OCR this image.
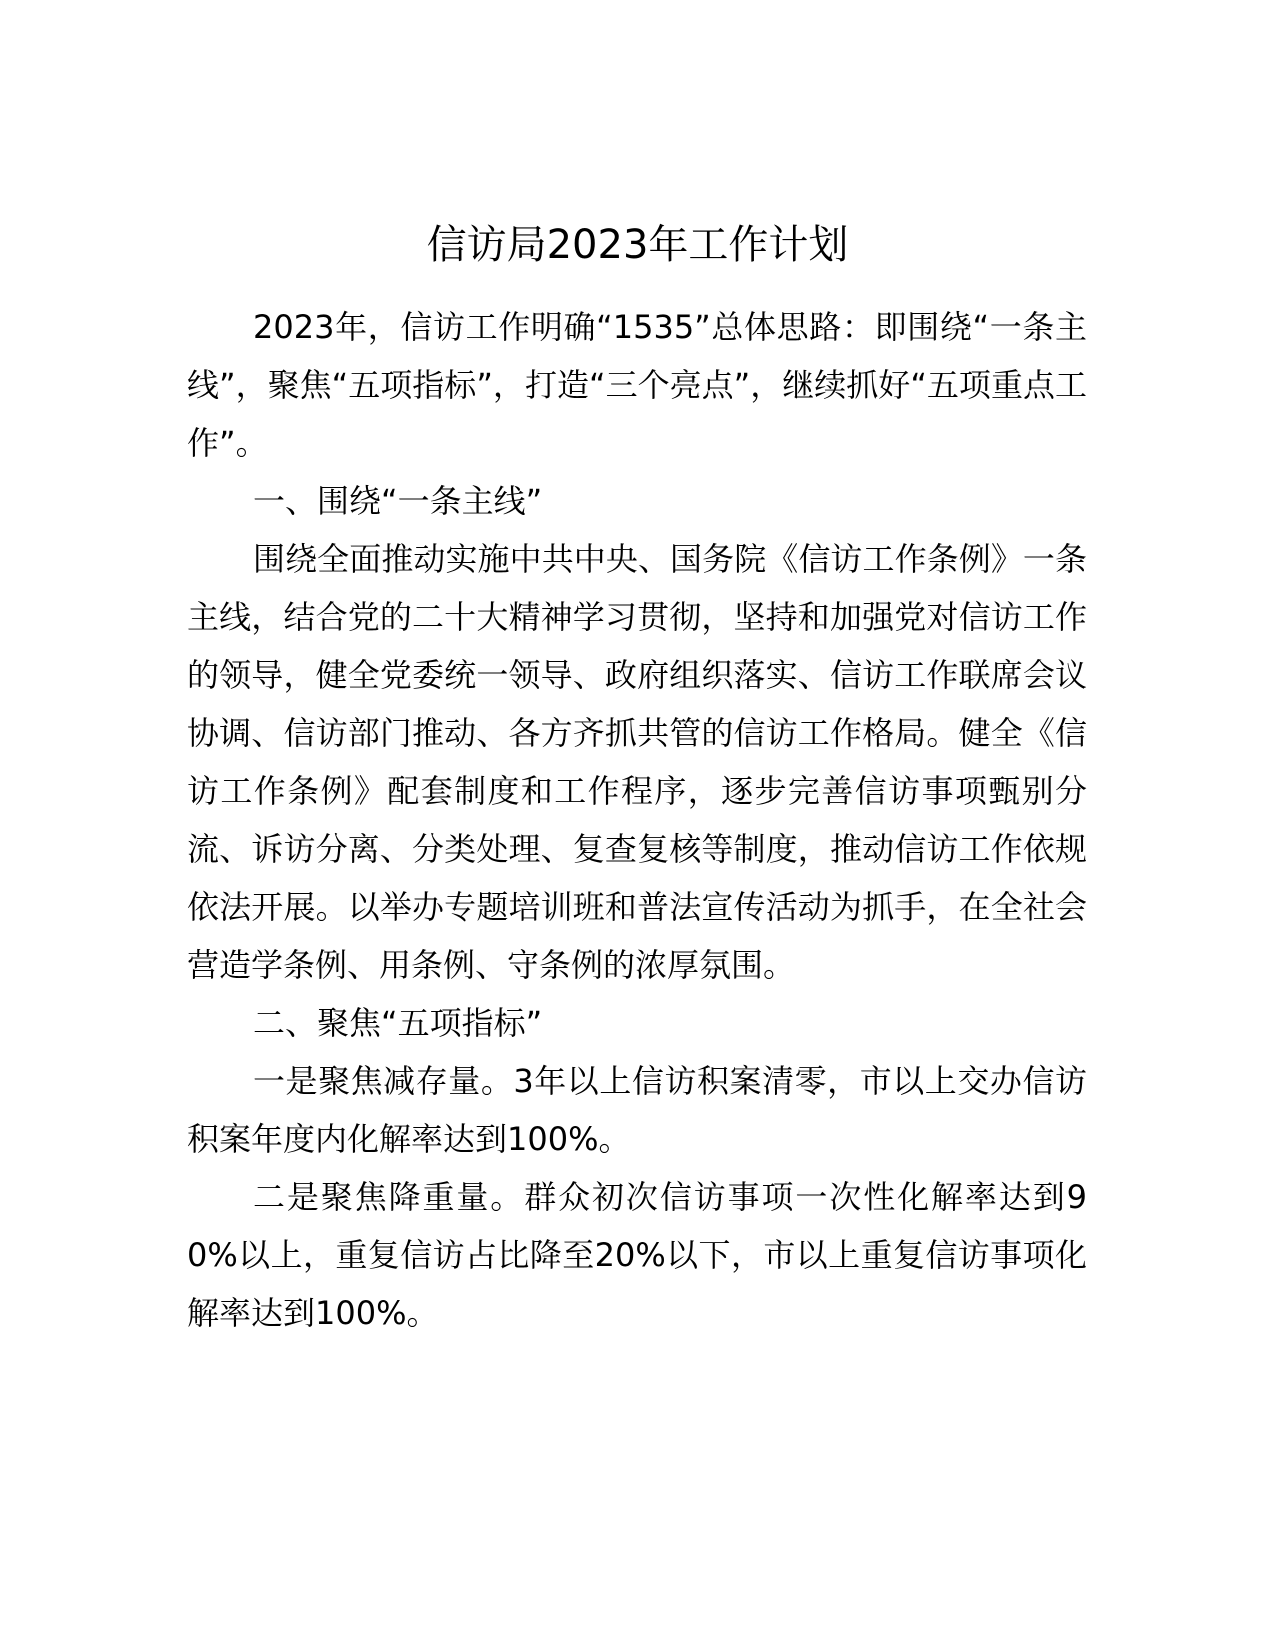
信访局2023年工作计划

2023年，信访工作明确“1535”总体思路：即围绕“一条主线”，聚焦“五项指标”，打造“三个亮点”，继续抓好“五项重点工作”。

一、围绕“一条主线”

围绕全面推动实施中共中央、国务院《信访工作条例》一条主线，结合党的二十大精神学习贯彻，坚持和加强党对信访工作的领导，健全党委统一领导、政府组织落实、信访工作联席会议协调、信访部门推动、各方齐抓共管的信访工作格局。健全《信访工作条例》配套制度和工作程序，逐步完善信访事项甄别分流、诉访分离、分类处理、复查复核等制度，推动信访工作依规依法开展。以举办专题培训班和普法宣传活动为抓手，在全社会营造学条例、用条例、守条例的浓厚氛围。

二、聚焦“五项指标”

一是聚焦减存量。3年以上信访积案清零，市以上交办信访积案年度内化解率达到100%。

二是聚焦降重量。群众初次信访事项一次性化解率达到90%以上，重复信访占比降至20%以下，市以上重复信访事项化解率达到100%。
